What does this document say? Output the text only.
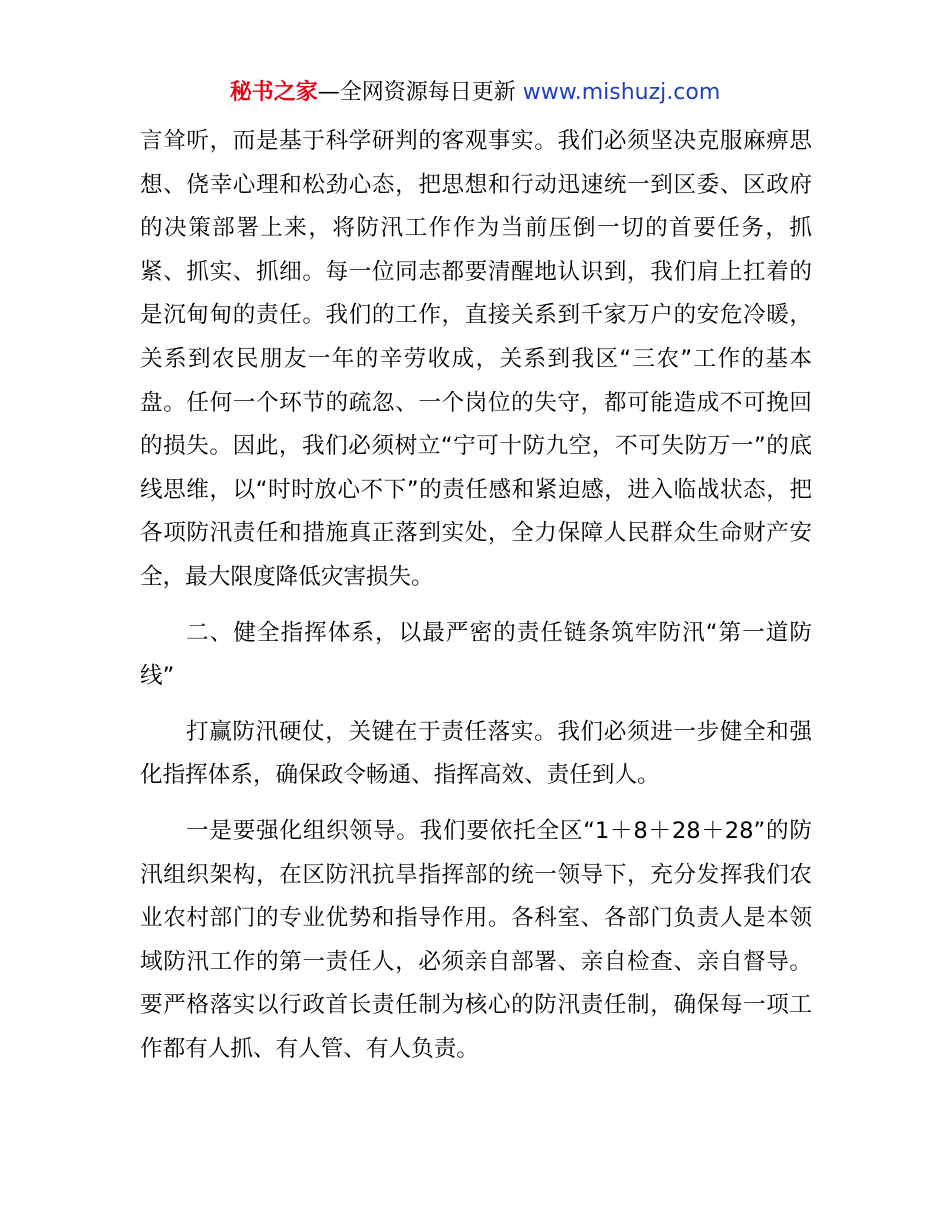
秘书之家—全网资源每日更新 www.mishuzj.com

言耸听，而是基于科学研判的客观事实。我们必须坚决克服麻痹思想、侥幸心理和松劲心态，把思想和行动迅速统一到区委、区政府的决策部署上来，将防汛工作作为当前压倒一切的首要任务，抓紧、抓实、抓细。每一位同志都要清醒地认识到，我们肩上扛着的是沉甸甸的责任。我们的工作，直接关系到千家万户的安危冷暖，关系到农民朋友一年的辛劳收成，关系到我区“三农”工作的基本盘。任何一个环节的疏忽、一个岗位的失守，都可能造成不可挽回的损失。因此，我们必须树立“宁可十防九空，不可失防万一”的底线思维，以“时时放心不下”的责任感和紧迫感，进入临战状态，把各项防汛责任和措施真正落到实处，全力保障人民群众生命财产安全，最大限度降低灾害损失。

二、健全指挥体系，以最严密的责任链条筑牢防汛“第一道防线”

打赢防汛硬仗，关键在于责任落实。我们必须进一步健全和强化指挥体系，确保政令畅通、指挥高效、责任到人。

一是要强化组织领导。我们要依托全区“1＋8＋28＋28”的防汛组织架构，在区防汛抗旱指挥部的统一领导下，充分发挥我们农业农村部门的专业优势和指导作用。各科室、各部门负责人是本领域防汛工作的第一责任人，必须亲自部署、亲自检查、亲自督导。要严格落实以行政首长责任制为核心的防汛责任制，确保每一项工作都有人抓、有人管、有人负责。
